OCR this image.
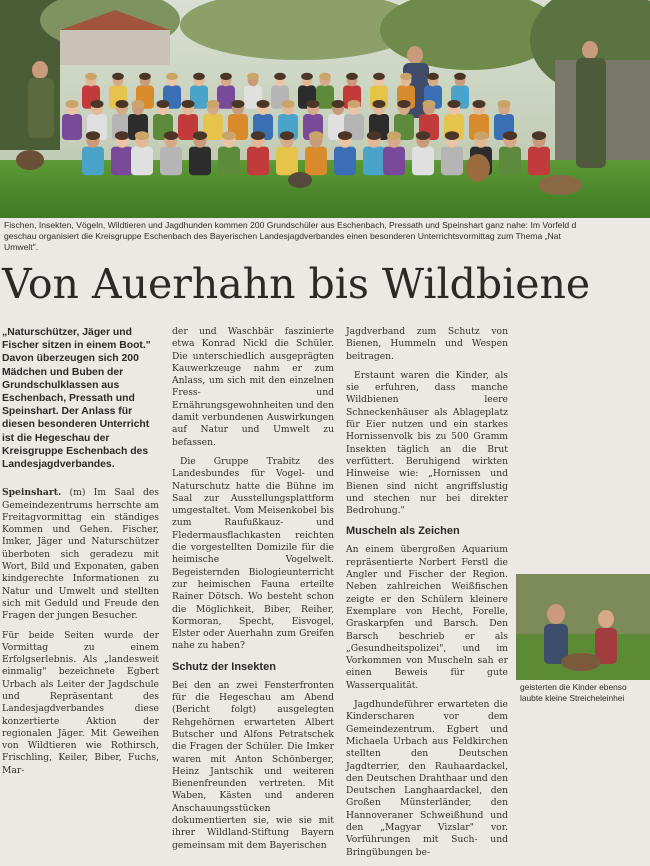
Fischen, Insekten, Vögeln, Wildtieren und Jagdhunden kommen 200 Grundschüler aus Eschenbach, Pressath und Speinshart ganz nahe: Im Vorfeld d
geschau organisiert die Kreisgruppe Eschenbach des Bayerischen Landesjagdverbandes einen besonderen Unterrichtsvormittag zum Thema „Nat
Umwelt".
Von Auerhahn bis Wildbiene

„Naturschützer, Jäger und Fischer sitzen in einem Boot." Davon überzeugen sich 200 Mädchen und Buben der Grundschulklassen aus Eschenbach, Pressath und Speinshart. Der Anlass für diesen besonderen Unterricht ist die Hegeschau der Kreisgruppe Eschenbach des Landesjagdverbandes.

Speinshart. (m) Im Saal des Gemeindezentrums herrschte am Freitagvormittag ein ständiges Kommen und Gehen. Fischer, Imker, Jäger und Naturschützer überboten sich geradezu mit Wort, Bild und Exponaten, gaben kindgerechte Informationen zu Natur und Umwelt und stellten sich mit Geduld und Freude den Fragen der jungen Besucher.

Für beide Seiten wurde der Vormittag zu einem Erfolgserlebnis. Als „landesweit einmalig" bezeichnete Egbert Urbach als Leiter der Jagdschule und Repräsentant des Landesjagdverbandes diese konzertierte Aktion der regionalen Jäger. Mit Geweihen von Wildtieren wie Rothirsch, Frischling, Keiler, Biber, Fuchs, Mar-

der und Waschbär faszinierte etwa Konrad Nickl die Schüler. Die unterschiedlich ausgeprägten Kauwerkzeuge nahm er zum Anlass, um sich mit den einzelnen Fress- und Ernährungsgewohnheiten und den damit verbundenen Auswirkungen auf Natur und Umwelt zu befassen.

Die Gruppe Trabitz des Landesbundes für Vogel- und Naturschutz hatte die Bühne im Saal zur Ausstellungsplattform umgestaltet. Vom Meisenkobel bis zum Raufußkauz- und Fledermausflachkasten reichten die vorgestellten Domizile für die heimische Vogelwelt. Begeisternden Biologieunterricht zur heimischen Fauna erteilte Rainer Dötsch. Wo besteht schon die Möglichkeit, Biber, Reiher, Kormoran, Specht, Eisvogel, Elster oder Auerhahn zum Greifen nahe zu haben?

Schutz der Insekten

Bei den an zwei Fensterfronten für die Hegeschau am Abend (Bericht folgt) ausgelegten Rehgehörnen erwarteten Albert Butscher und Alfons Petratschek die Fragen der Schüler. Die Imker waren mit Anton Schönberger, Heinz Jantschik und weiteren Bienenfreunden vertreten. Mit Waben, Kästen und anderen Anschauungsstücken dokumentierten sie, wie sie mit ihrer Wildland-Stiftung Bayern gemeinsam mit dem Bayerischen

Jagdverband zum Schutz von Bienen, Hummeln und Wespen beitragen.

Erstaunt waren die Kinder, als sie erfuhren, dass manche Wildbienen leere Schneckenhäuser als Ablageplatz für Eier nutzen und ein starkes Hornissenvolk bis zu 500 Gramm Insekten täglich an die Brut verfüttert. Beruhigend wirkten Hinweise wie: „Hornissen und Bienen sind nicht angriffslustig und stechen nur bei direkter Bedrohung."

Muscheln als Zeichen

An einem übergroßen Aquarium repräsentierte Norbert Ferstl die Angler und Fischer der Region. Neben zahlreichen Weißfischen zeigte er den Schülern kleinere Exemplare von Hecht, Forelle, Graskarpfen und Barsch. Den Barsch beschrieb er als „Gesundheitspolizei", und im Vorkommen von Muscheln sah er einen Beweis für gute Wasserqualität.

Jagdhundeführer erwarteten die Kinderscharen vor dem Gemeindezentrum. Egbert und Michaela Urbach aus Feldkirchen stellten den Deutschen Jagdterrier, den Rauhaardackel, den Deutschen Drahthaar und den Deutschen Langhaardackel, den Großen Münsterländer, den Hannoveraner Schweißhund und den „Magyar Vizslar" vor. Vorführungen mit Such- und Bringübungen be-

geisterten die Kinder ebenso
laubte kleine Streicheleinhei
